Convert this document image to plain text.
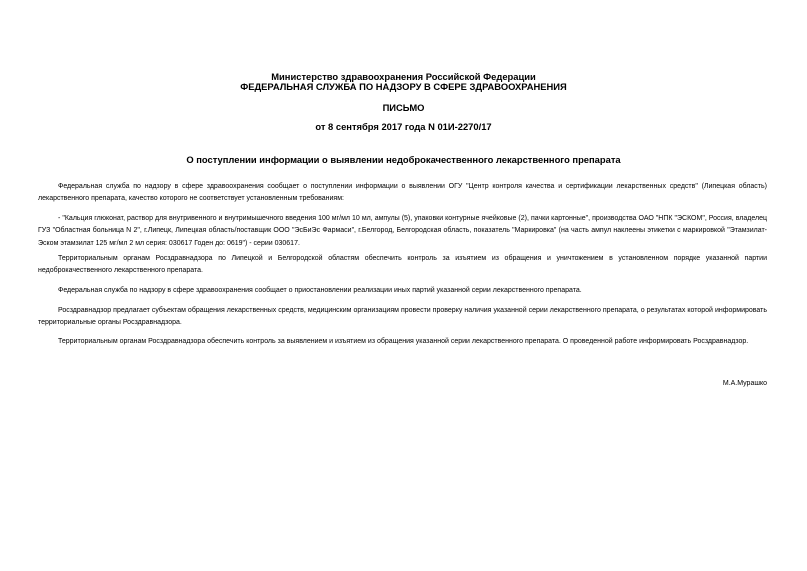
Министерство здравоохранения Российской Федерации
ФЕДЕРАЛЬНАЯ СЛУЖБА ПО НАДЗОРУ В СФЕРЕ ЗДРАВООХРАНЕНИЯ
ПИСЬМО
от 8 сентября 2017 года N 01И-2270/17
О поступлении информации о выявлении недоброкачественного лекарственного препарата

Федеральная служба по надзору в сфере здравоохранения сообщает о поступлении информации о выявлении ОГУ "Центр контроля качества и сертификации лекарственных средств" (Липецкая область) лекарственного препарата, качество которого не соответствует установленным требованиям:

- "Кальция глюконат, раствор для внутривенного и внутримышечного введения 100 мг/мл 10 мл, ампулы (5), упаковки контурные ячейковые (2), пачки картонные", производства ОАО "НПК "ЭСКОМ", Россия, владелец ГУЗ "Областная больница N 2", г.Липецк, Липецкая область/поставщик ООО "ЭсБиЭс Фармаси", г.Белгород, Белгородская область, показатель "Маркировка" (на часть ампул наклеены этикетки с маркировкой "Этамзилат-Эском этамзилат 125 мг/мл 2 мл серия: 030617 Годен до: 0619") - серии 030617.

Территориальным органам Росздравнадзора по Липецкой и Белгородской областям обеспечить контроль за изъятием из обращения и уничтожением в установленном порядке указанной партии недоброкачественного лекарственного препарата.

Федеральная служба по надзору в сфере здравоохранения сообщает о приостановлении реализации иных партий указанной серии лекарственного препарата.

Росздравнадзор предлагает субъектам обращения лекарственных средств, медицинским организациям провести проверку наличия указанной серии лекарственного препарата, о результатах которой информировать территориальные органы Росздравнадзора.

Территориальным органам Росздравнадзора обеспечить контроль за выявлением и изъятием из обращения указанной серии лекарственного препарата. О проведенной работе информировать Росздравнадзор.

М.А.Мурашко
